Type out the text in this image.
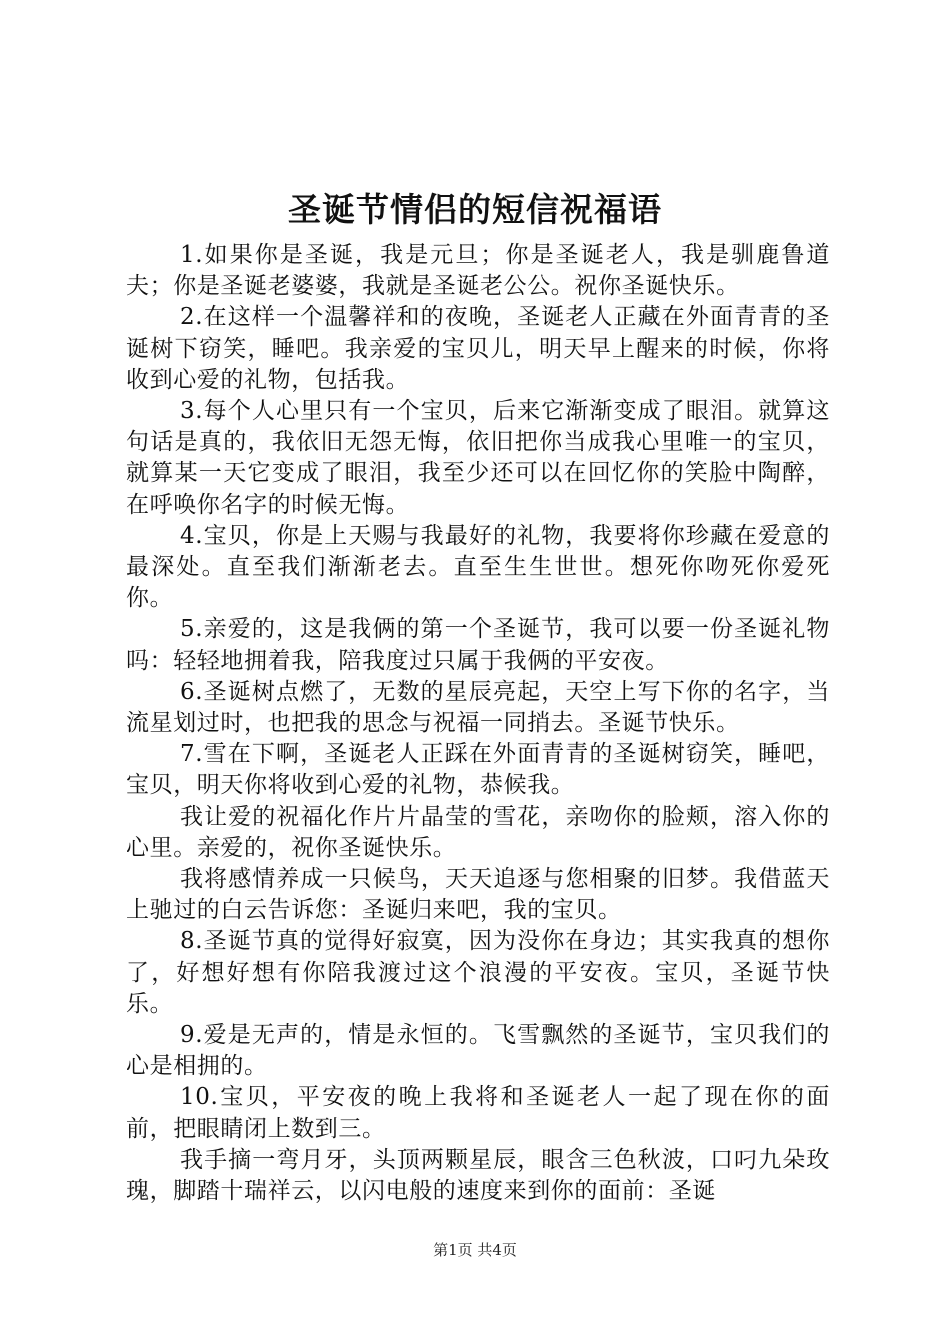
圣诞节情侣的短信祝福语

1.如果你是圣诞，我是元旦；你是圣诞老人，我是驯鹿鲁道夫；你是圣诞老婆婆，我就是圣诞老公公。祝你圣诞快乐。

2.在这样一个温馨祥和的夜晚，圣诞老人正藏在外面青青的圣诞树下窃笑，睡吧。我亲爱的宝贝儿，明天早上醒来的时候，你将收到心爱的礼物，包括我。

3.每个人心里只有一个宝贝，后来它渐渐变成了眼泪。就算这句话是真的，我依旧无怨无悔，依旧把你当成我心里唯一的宝贝，就算某一天它变成了眼泪，我至少还可以在回忆你的笑脸中陶醉，在呼唤你名字的时候无悔。

4.宝贝，你是上天赐与我最好的礼物，我要将你珍藏在爱意的最深处。直至我们渐渐老去。直至生生世世。想死你吻死你爱死你。

5.亲爱的，这是我俩的第一个圣诞节，我可以要一份圣诞礼物吗：轻轻地拥着我，陪我度过只属于我俩的平安夜。

6.圣诞树点燃了，无数的星辰亮起，天空上写下你的名字，当流星划过时，也把我的思念与祝福一同捎去。圣诞节快乐。

7.雪在下啊，圣诞老人正踩在外面青青的圣诞树窃笑，睡吧，宝贝，明天你将收到心爱的礼物，恭候我。

我让爱的祝福化作片片晶莹的雪花，亲吻你的脸颊，溶入你的心里。亲爱的，祝你圣诞快乐。

我将感情养成一只候鸟，天天追逐与您相聚的旧梦。我借蓝天上驰过的白云告诉您：圣诞归来吧，我的宝贝。

8.圣诞节真的觉得好寂寞，因为没你在身边；其实我真的想你了，好想好想有你陪我渡过这个浪漫的平安夜。宝贝，圣诞节快乐。

9.爱是无声的，情是永恒的。飞雪飘然的圣诞节，宝贝我们的心是相拥的。

10.宝贝，平安夜的晚上我将和圣诞老人一起了现在你的面前，把眼睛闭上数到三。

我手摘一弯月牙，头顶两颗星辰，眼含三色秋波，口叼九朵玫瑰，脚踏十瑞祥云，以闪电般的速度来到你的面前：圣诞

第1页 共4页
